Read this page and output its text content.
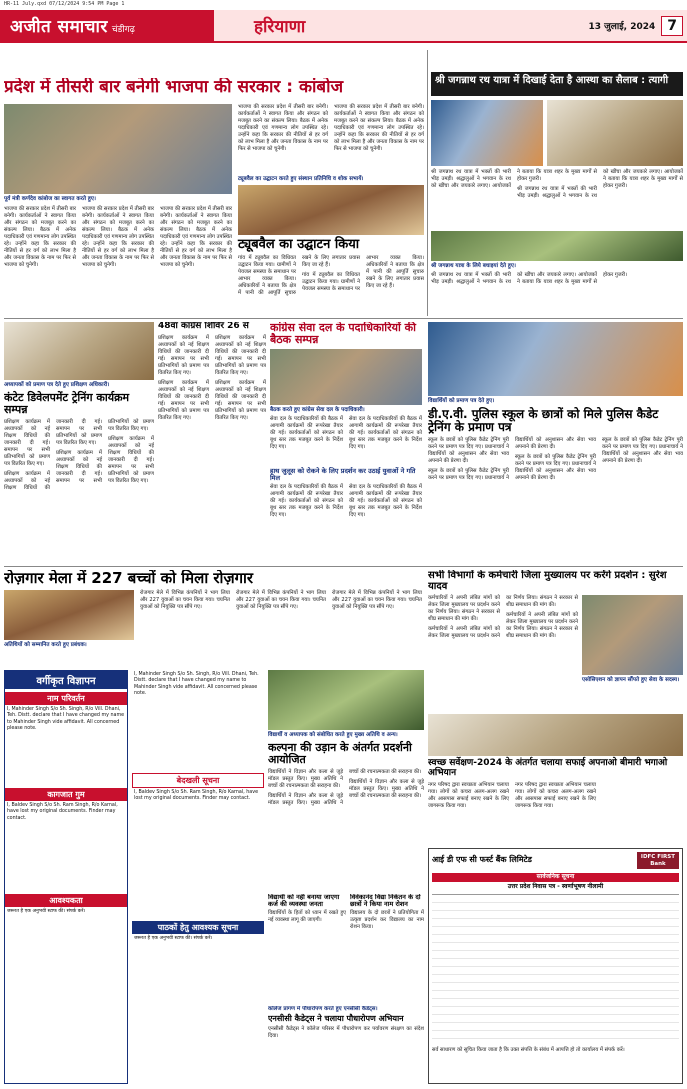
HR-11 July.qxd 07/12/2024 9:54 PM Page 1
अजीत समाचार चंडीगढ़	हरियाणा	13 जुलाई, 2024 7
प्रदेश में तीसरी बार बनेगी भाजपा की सरकार : कांबोज
पूर्व मंत्री कर्णदेव कांबोज का स्वागत करते हुए।

भाजपा की सरकार प्रदेश में तीसरी बार बनेगी। कार्यकर्ताओं ने स्वागत किया और संगठन को मजबूत करने का संकल्प लिया। बैठक में अनेक पदाधिकारी एवं गणमान्य लोग उपस्थित रहे। उन्होंने कहा कि सरकार की नीतियों से हर वर्ग को लाभ मिला है और जनता विकास के नाम पर फिर से भाजपा को चुनेगी।

भाजपा की सरकार प्रदेश में तीसरी बार बनेगी। कार्यकर्ताओं ने स्वागत किया और संगठन को मजबूत करने का संकल्प लिया। बैठक में अनेक पदाधिकारी एवं गणमान्य लोग उपस्थित रहे। उन्होंने कहा कि सरकार की नीतियों से हर वर्ग को लाभ मिला है और जनता विकास के नाम पर फिर से भाजपा को चुनेगी।

भाजपा की सरकार प्रदेश में तीसरी बार बनेगी। कार्यकर्ताओं ने स्वागत किया और संगठन को मजबूत करने का संकल्प लिया। बैठक में अनेक पदाधिकारी एवं गणमान्य लोग उपस्थित रहे। उन्होंने कहा कि सरकार की नीतियों से हर वर्ग को लाभ मिला है और जनता विकास के नाम पर फिर से भाजपा को चुनेगी।

भाजपा की सरकार प्रदेश में तीसरी बार बनेगी। कार्यकर्ताओं ने स्वागत किया और संगठन को मजबूत करने का संकल्प लिया। बैठक में अनेक पदाधिकारी एवं गणमान्य लोग उपस्थित रहे। उन्होंने कहा कि सरकार की नीतियों से हर वर्ग को लाभ मिला है और जनता विकास के नाम पर फिर से भाजपा को चुनेगी।

भाजपा की सरकार प्रदेश में तीसरी बार बनेगी। कार्यकर्ताओं ने स्वागत किया और संगठन को मजबूत करने का संकल्प लिया। बैठक में अनेक पदाधिकारी एवं गणमान्य लोग उपस्थित रहे। उन्होंने कहा कि सरकार की नीतियों से हर वर्ग को लाभ मिला है और जनता विकास के नाम पर फिर से भाजपा को चुनेगी।

ट्यूबवैल का उद्घाटन करते हुए संस्थान प्रतिनिधि व शोक सभायें।
ट्यूबवैल का उद्घाटन किया

गांव में ट्यूबवैल का विधिवत उद्घाटन किया गया। ग्रामीणों ने पेयजल समस्या के समाधान पर आभार व्यक्त किया। अधिकारियों ने बताया कि क्षेत्र में पानी की आपूर्ति सुचारु रखने के लिए लगातार प्रयास किए जा रहे हैं।

गांव में ट्यूबवैल का विधिवत उद्घाटन किया गया। ग्रामीणों ने पेयजल समस्या के समाधान पर आभार व्यक्त किया। अधिकारियों ने बताया कि क्षेत्र में पानी की आपूर्ति सुचारु रखने के लिए लगातार प्रयास किए जा रहे हैं।

श्री जगन्नाथ रथ यात्रा में दिखाई देता है आस्था का सैलाब : त्यागी

श्री जगन्नाथ रथ यात्रा में भक्तों की भारी भीड़ उमड़ी। श्रद्धालुओं ने भगवान के रथ को खींचा और जयकारे लगाए। आयोजकों ने बताया कि यात्रा शहर के मुख्य मार्गों से होकर गुजरी।

श्री जगन्नाथ रथ यात्रा में भक्तों की भारी भीड़ उमड़ी। श्रद्धालुओं ने भगवान के रथ को खींचा और जयकारे लगाए। आयोजकों ने बताया कि यात्रा शहर के मुख्य मार्गों से होकर गुजरी।

श्री जगन्नाथ यात्रा के लिये बधाइयां देते हुए।

श्री जगन्नाथ रथ यात्रा में भक्तों की भारी भीड़ उमड़ी। श्रद्धालुओं ने भगवान के रथ को खींचा और जयकारे लगाए। आयोजकों ने बताया कि यात्रा शहर के मुख्य मार्गों से होकर गुजरी।

अध्यापकों को प्रमाण पत्र देते हुए प्रशिक्षण अधिकारी।
कंटेट डिवेलपमेंट ट्रेनिंग कार्यक्रम सम्पन्न

प्रशिक्षण कार्यक्रम में अध्यापकों को नई शिक्षण विधियों की जानकारी दी गई। समापन पर सभी प्रतिभागियों को प्रमाण पत्र वितरित किए गए।

प्रशिक्षण कार्यक्रम में अध्यापकों को नई शिक्षण विधियों की जानकारी दी गई। समापन पर सभी प्रतिभागियों को प्रमाण पत्र वितरित किए गए।

प्रशिक्षण कार्यक्रम में अध्यापकों को नई शिक्षण विधियों की जानकारी दी गई। समापन पर सभी प्रतिभागियों को प्रमाण पत्र वितरित किए गए।

प्रशिक्षण कार्यक्रम में अध्यापकों को नई शिक्षण विधियों की जानकारी दी गई। समापन पर सभी प्रतिभागियों को प्रमाण पत्र वितरित किए गए।

48वां कांग्रेस शिविर 26 से

प्रशिक्षण कार्यक्रम में अध्यापकों को नई शिक्षण विधियों की जानकारी दी गई। समापन पर सभी प्रतिभागियों को प्रमाण पत्र वितरित किए गए।

प्रशिक्षण कार्यक्रम में अध्यापकों को नई शिक्षण विधियों की जानकारी दी गई। समापन पर सभी प्रतिभागियों को प्रमाण पत्र वितरित किए गए।

प्रशिक्षण कार्यक्रम में अध्यापकों को नई शिक्षण विधियों की जानकारी दी गई। समापन पर सभी प्रतिभागियों को प्रमाण पत्र वितरित किए गए।

प्रशिक्षण कार्यक्रम में अध्यापकों को नई शिक्षण विधियों की जानकारी दी गई। समापन पर सभी प्रतिभागियों को प्रमाण पत्र वितरित किए गए।

कांग्रेस सेवा दल के पदाधिकारियों की बैठक सम्पन्न
बैठक करते हुए कांग्रेस सेवा दल के पदाधिकारी।

सेवा दल के पदाधिकारियों की बैठक में आगामी कार्यक्रमों की रूपरेखा तैयार की गई। कार्यकर्ताओं को संगठन को बूथ स्तर तक मजबूत करने के निर्देश दिए गए।

सेवा दल के पदाधिकारियों की बैठक में आगामी कार्यक्रमों की रूपरेखा तैयार की गई। कार्यकर्ताओं को संगठन को बूथ स्तर तक मजबूत करने के निर्देश दिए गए।

हाथ जुलूस को रोकने के लिए प्रदर्शन कर उठाई युवाओं ने गति मिल

सेवा दल के पदाधिकारियों की बैठक में आगामी कार्यक्रमों की रूपरेखा तैयार की गई। कार्यकर्ताओं को संगठन को बूथ स्तर तक मजबूत करने के निर्देश दिए गए।

सेवा दल के पदाधिकारियों की बैठक में आगामी कार्यक्रमों की रूपरेखा तैयार की गई। कार्यकर्ताओं को संगठन को बूथ स्तर तक मजबूत करने के निर्देश दिए गए।

विद्यार्थियों को प्रमाण पत्र देते हुए।
डी.ए.वी. पुलिस स्कूल के छात्रों को मिले पुलिस कैडेट ट्रेनिंग के प्रमाण पत्र

स्कूल के छात्रों को पुलिस कैडेट ट्रेनिंग पूरी करने पर प्रमाण पत्र दिए गए। प्रधानाचार्य ने विद्यार्थियों को अनुशासन और सेवा भाव अपनाने की प्रेरणा दी।

स्कूल के छात्रों को पुलिस कैडेट ट्रेनिंग पूरी करने पर प्रमाण पत्र दिए गए। प्रधानाचार्य ने विद्यार्थियों को अनुशासन और सेवा भाव अपनाने की प्रेरणा दी।

स्कूल के छात्रों को पुलिस कैडेट ट्रेनिंग पूरी करने पर प्रमाण पत्र दिए गए। प्रधानाचार्य ने विद्यार्थियों को अनुशासन और सेवा भाव अपनाने की प्रेरणा दी।

स्कूल के छात्रों को पुलिस कैडेट ट्रेनिंग पूरी करने पर प्रमाण पत्र दिए गए। प्रधानाचार्य ने विद्यार्थियों को अनुशासन और सेवा भाव अपनाने की प्रेरणा दी।

रोज़गार मेला में 227 बच्चों को मिला रोज़गार

रोजगार मेले में विभिन्न कंपनियों ने भाग लिया और 227 युवाओं का चयन किया गया। चयनित युवाओं को नियुक्ति पत्र सौंपे गए।

रोजगार मेले में विभिन्न कंपनियों ने भाग लिया और 227 युवाओं का चयन किया गया। चयनित युवाओं को नियुक्ति पत्र सौंपे गए।

रोजगार मेले में विभिन्न कंपनियों ने भाग लिया और 227 युवाओं का चयन किया गया। चयनित युवाओं को नियुक्ति पत्र सौंपे गए।

अतिथियों को सम्मानित करते हुए प्रबंधक।
सभी विभागों के कर्मचारी जिला मुख्यालय पर करेंगे प्रदर्शन : सुरेश यादव

कर्मचारियों ने अपनी लंबित मांगों को लेकर जिला मुख्यालय पर प्रदर्शन करने का निर्णय लिया। संगठन ने सरकार से शीघ्र समाधान की मांग की।

कर्मचारियों ने अपनी लंबित मांगों को लेकर जिला मुख्यालय पर प्रदर्शन करने का निर्णय लिया। संगठन ने सरकार से शीघ्र समाधान की मांग की।

कर्मचारियों ने अपनी लंबित मांगों को लेकर जिला मुख्यालय पर प्रदर्शन करने का निर्णय लिया। संगठन ने सरकार से शीघ्र समाधान की मांग की।

एसोसिएशन को ज्ञापन सौंपते हुए सेवा के सदस्य।
वर्गीकृत विज्ञापन
नाम परिवर्तन
I, Mahinder Singh S/o Sh. Singh, R/o Vill. Dhani, Teh. Distt. declare that I have changed my name to Mahinder Singh vide affidavit. All concerned please note.
कागजात गुम
I, Baldev Singh S/o Sh. Ram Singh, R/o Karnal, have lost my original documents. Finder may contact.
आवश्यकता
जरूरत है एक अनुभवी स्टाफ की। संपर्क करें।
I, Mahinder Singh S/o Sh. Singh, R/o Vill. Dhani, Teh. Distt. declare that I have changed my name to Mahinder Singh vide affidavit. All concerned please note.
बेदखली सूचना
I, Baldev Singh S/o Sh. Ram Singh, R/o Karnal, have lost my original documents. Finder may contact.
पाठकों हेतु आवश्यक सूचना
जरूरत है एक अनुभवी स्टाफ की। संपर्क करें।
विद्यार्थी व अध्यापक को संबोधित करते हुए मुख्य अतिथि व अन्य।
कल्पना की उड़ान के अंतर्गत प्रदर्शनी आयोजित

विद्यार्थियों ने विज्ञान और कला से जुड़े मॉडल प्रस्तुत किए। मुख्य अतिथि ने बच्चों की रचनात्मकता की सराहना की।

विद्यार्थियों ने विज्ञान और कला से जुड़े मॉडल प्रस्तुत किए। मुख्य अतिथि ने बच्चों की रचनात्मकता की सराहना की।

विद्यार्थियों ने विज्ञान और कला से जुड़े मॉडल प्रस्तुत किए। मुख्य अतिथि ने बच्चों की रचनात्मकता की सराहना की।

स्वच्छ सर्वेक्षण-2024 के अंतर्गत चलाया सफाई अपनाओ बीमारी भगाओ अभियान

नगर परिषद द्वारा स्वच्छता अभियान चलाया गया। लोगों को कचरा अलग-अलग रखने और आसपास सफाई बनाए रखने के लिए जागरूक किया गया।

नगर परिषद द्वारा स्वच्छता अभियान चलाया गया। लोगों को कचरा अलग-अलग रखने और आसपास सफाई बनाए रखने के लिए जागरूक किया गया।

विद्यार्थी को नहीं बनाया जाएगा कर्ज की व्यवस्था जनता

विद्यार्थियों के हितों को ध्यान में रखते हुए नई व्यवस्था लागू की जाएगी।

विवेकानंद विद्या निकेतन के दो छात्रों ने किया नाम रोशन

विद्यालय के दो छात्रों ने प्रतियोगिता में उत्कृष्ट प्रदर्शन कर विद्यालय का नाम रोशन किया।

कॉलेज प्रांगण में पौधारोपण करते हुए एनसीसी कैडेट्स।
एनसीसी कैडेट्स ने चलाया पौधारोपण अभियान

एनसीसी कैडेट्स ने कॉलेज परिसर में पौधारोपण कर पर्यावरण संरक्षण का संदेश दिया।

आई डी एफ सी फर्स्ट बैंक लिमिटेड	IDFC FIRST
Bank
सार्वजनिक सूचना
उत्तर प्रदेश निवास पत्र - स्वर्णाभूषण नीलामी

सर्व साधारण को सूचित किया जाता है कि उक्त संपत्ति के संबंध में आपत्ति हो तो कार्यालय में संपर्क करें।
